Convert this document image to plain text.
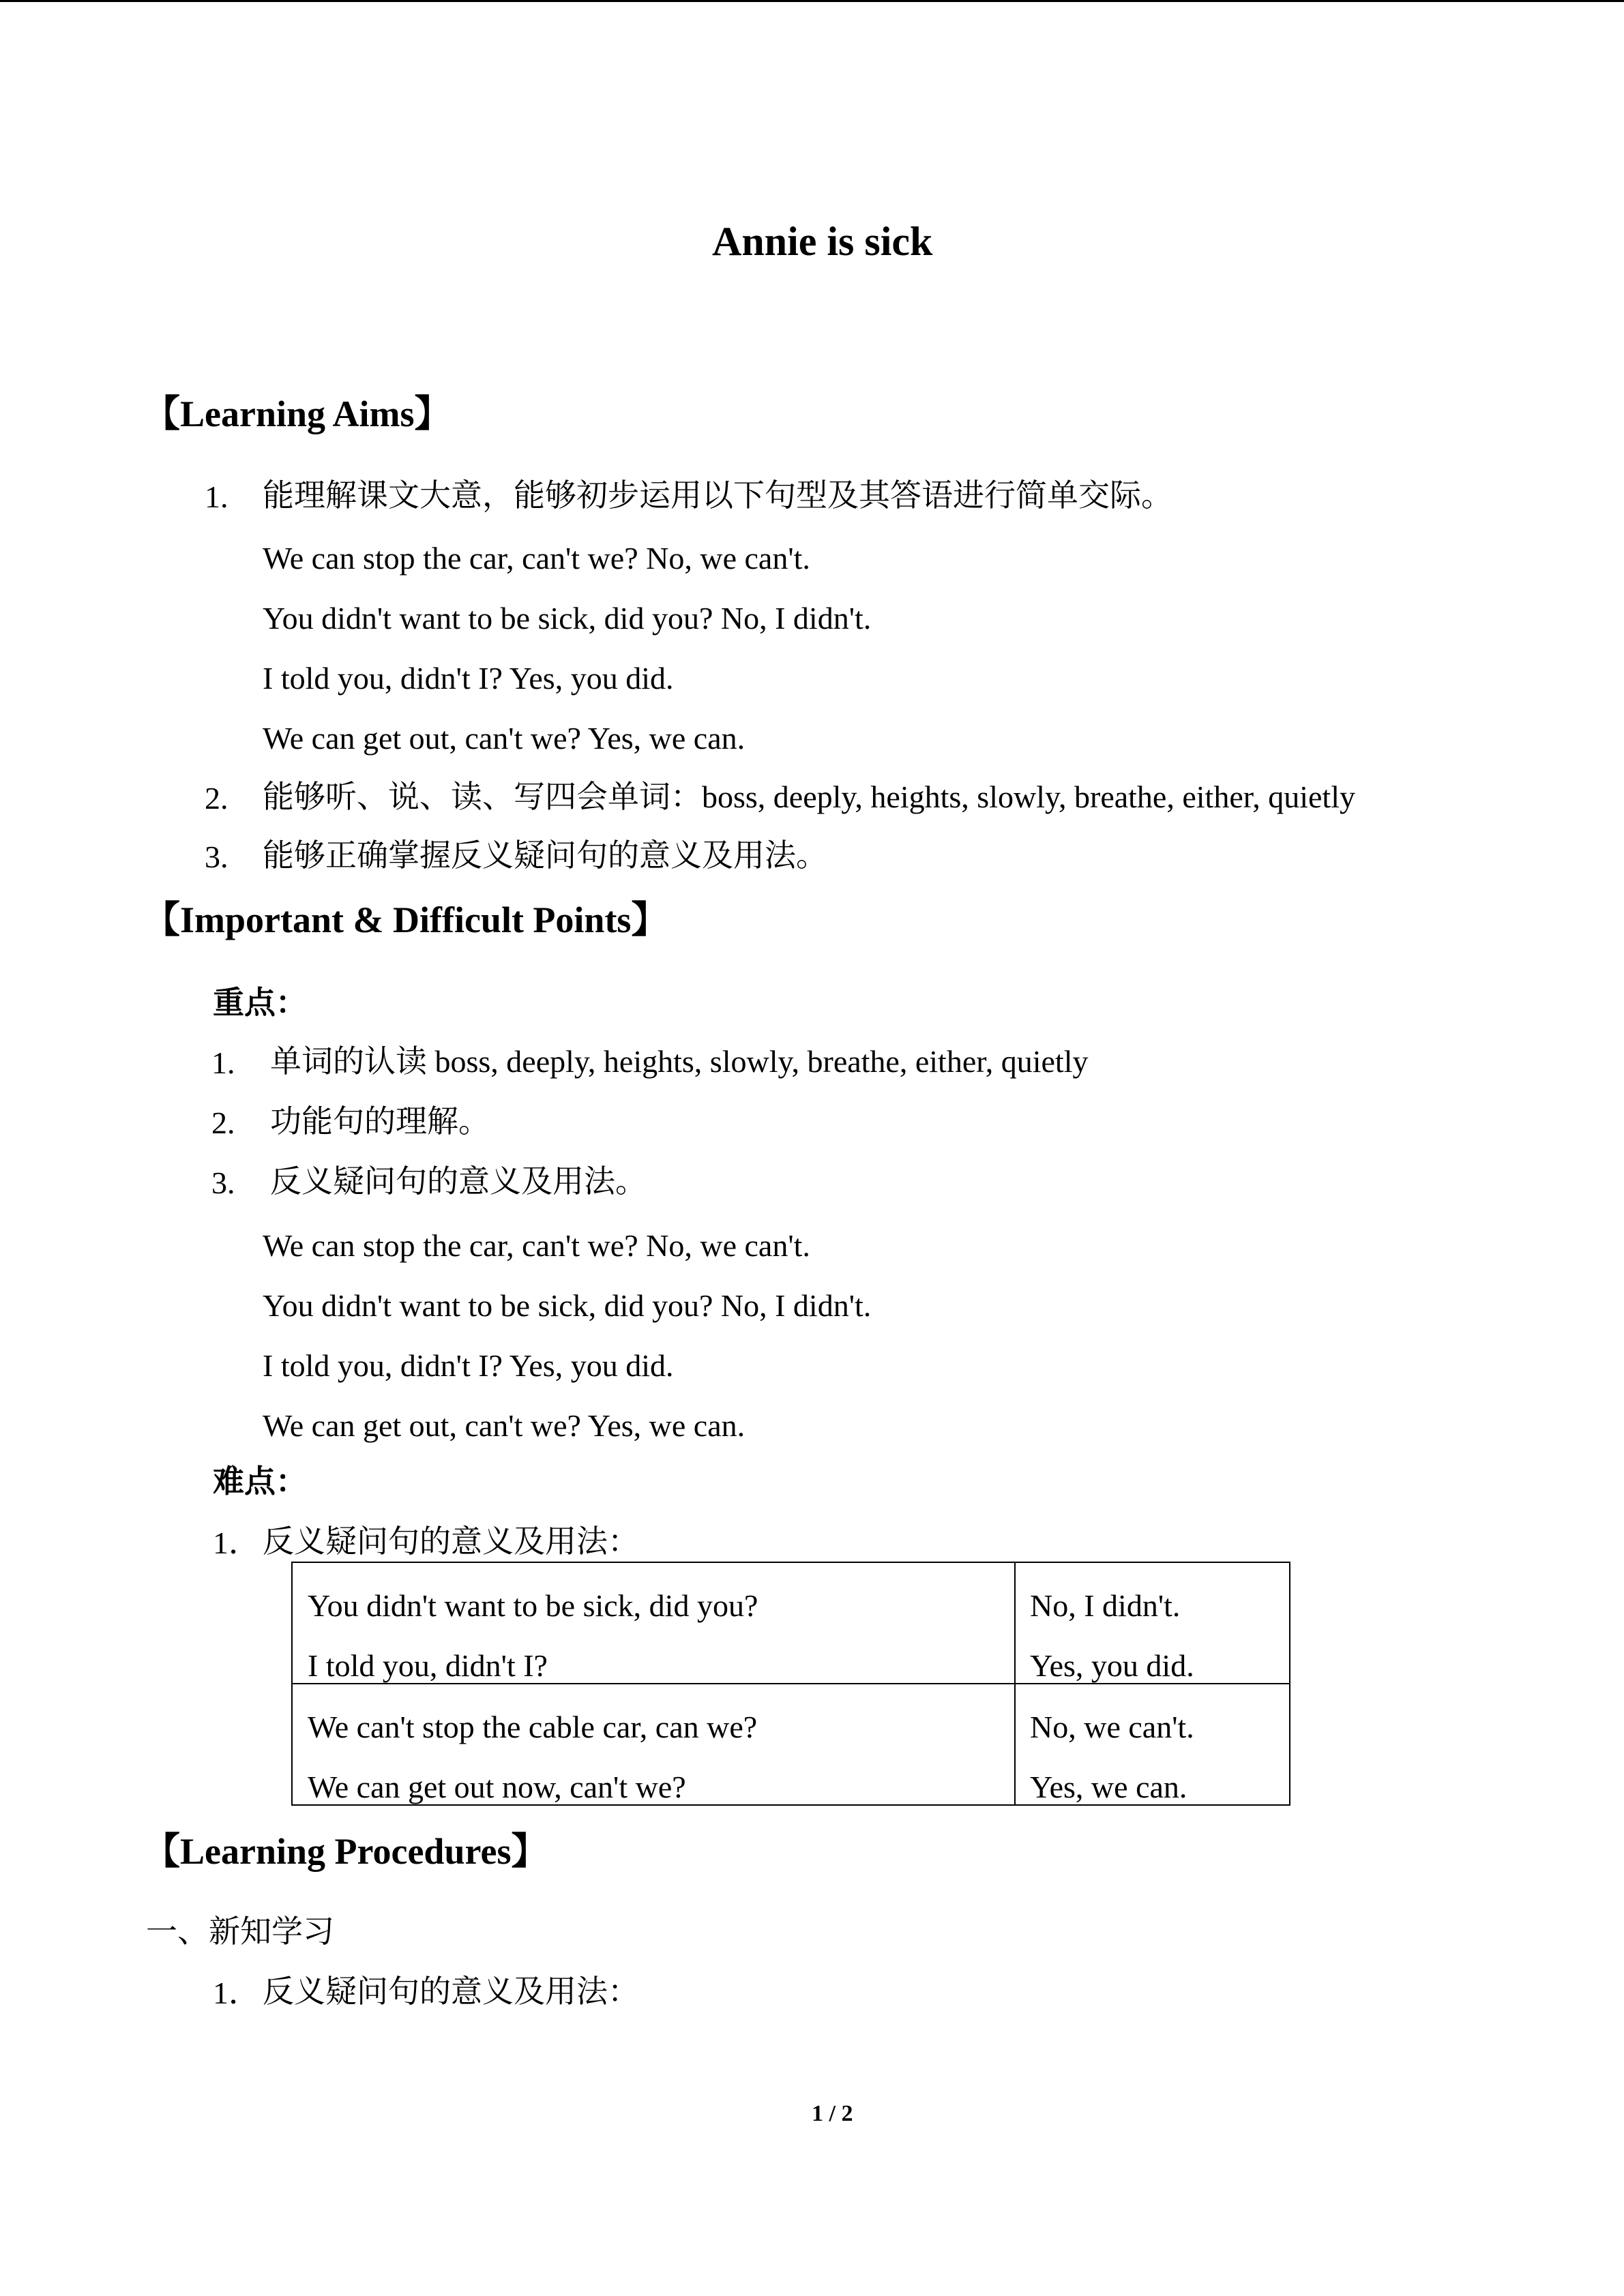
Annie is sick
【Learning Aims】
1. 能理解课文大意，能够初步运用以下句型及其答语进行简单交际。
We can stop the car, can't we? No, we can't.
You didn't want to be sick, did you? No, I didn't.
I told you, didn't I? Yes, you did.
We can get out, can't we? Yes, we can.
2. 能够听、说、读、写四会单词：boss, deeply, heights, slowly, breathe, either, quietly
3. 能够正确掌握反义疑问句的意义及用法。
【Important & Difficult Points】
重点：
1. 单词的认读 boss, deeply, heights, slowly, breathe, either, quietly
2. 功能句的理解。
3. 反义疑问句的意义及用法。
We can stop the car, can't we? No, we can't.
You didn't want to be sick, did you? No, I didn't.
I told you, didn't I? Yes, you did.
We can get out, can't we? Yes, we can.
难点：
1． 反义疑问句的意义及用法：
You didn't want to be sick, did you?	No, I didn't.
I told you, didn't I?	Yes, you did.
We can't stop the cable car, can we?	No, we can't.
We can get out now, can't we?	Yes, we can.
【Learning Procedures】
一、新知学习
1． 反义疑问句的意义及用法：
1 / 2
